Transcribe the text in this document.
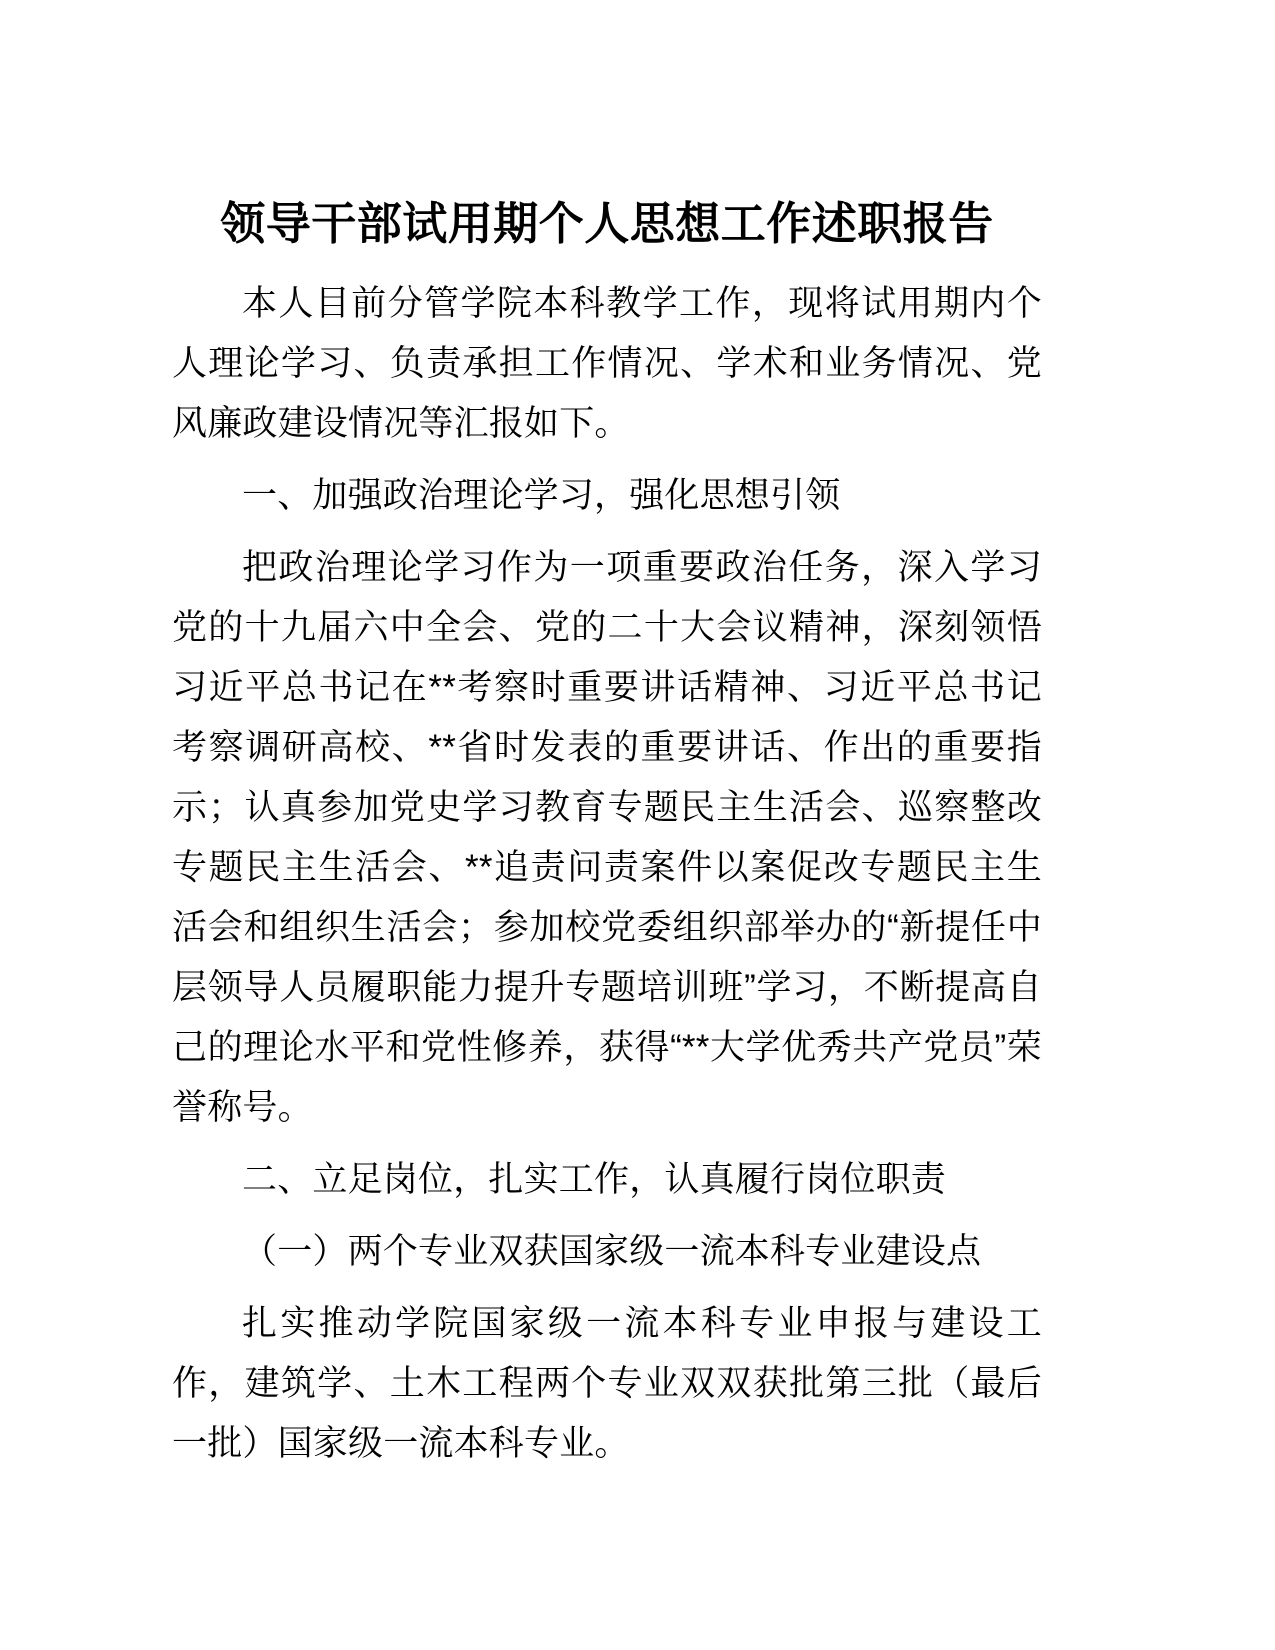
领导干部试用期个人思想工作述职报告

本人目前分管学院本科教学工作，现将试用期内个人理论学习、负责承担工作情况、学术和业务情况、党风廉政建设情况等汇报如下。

一、加强政治理论学习，强化思想引领

把政治理论学习作为一项重要政治任务，深入学习党的十九届六中全会、党的二十大会议精神，深刻领悟习近平总书记在**考察时重要讲话精神、习近平总书记考察调研高校、**省时发表的重要讲话、作出的重要指示；认真参加党史学习教育专题民主生活会、巡察整改专题民主生活会、**追责问责案件以案促改专题民主生活会和组织生活会；参加校党委组织部举办的“新提任中层领导人员履职能力提升专题培训班”学习，不断提高自己的理论水平和党性修养，获得“**大学优秀共产党员”荣誉称号。

二、立足岗位，扎实工作，认真履行岗位职责

（一）两个专业双获国家级一流本科专业建设点

扎实推动学院国家级一流本科专业申报与建设工作，建筑学、土木工程两个专业双双获批第三批（最后一批）国家级一流本科专业。
